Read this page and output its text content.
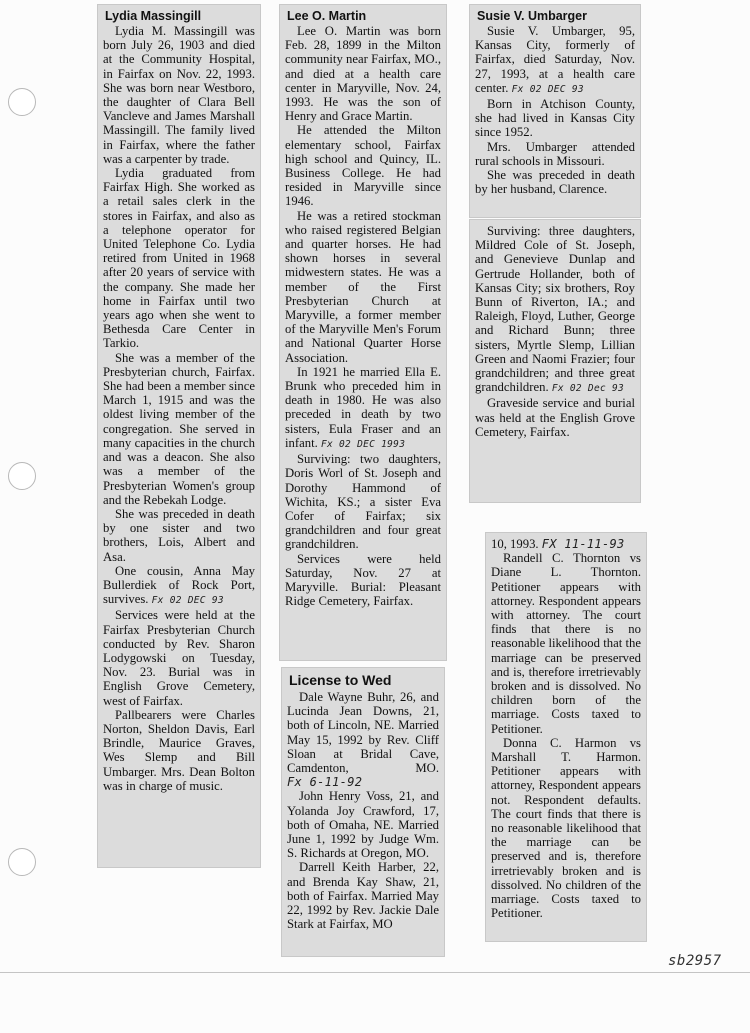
Lydia Massingill

Lydia M. Massingill was born July 26, 1903 and died at the Community Hospital, in Fairfax on Nov. 22, 1993. She was born near Westboro, the daughter of Clara Bell Vancleve and James Marshall Massingill. The family lived in Fairfax, where the father was a carpenter by trade.

Lydia graduated from Fairfax High. She worked as a retail sales clerk in the stores in Fairfax, and also as a telephone operator for United Telephone Co. Lydia retired from United in 1968 after 20 years of service with the company. She made her home in Fairfax until two years ago when she went to Bethesda Care Center in Tarkio.

She was a member of the Presbyterian church, Fairfax. She had been a member since March 1, 1915 and was the oldest living member of the congregation. She served in many capacities in the church and was a deacon. She also was a member of the Presbyterian Women's group and the Rebekah Lodge.

She was preceded in death by one sister and two brothers, Lois, Albert and Asa.

One cousin, Anna May Bullerdiek of Rock Port, survives. Fx 02 DEC 93

Services were held at the Fairfax Presbyterian Church conducted by Rev. Sharon Lodygowski on Tuesday, Nov. 23. Burial was in English Grove Cemetery, west of Fairfax.

Pallbearers were Charles Norton, Sheldon Davis, Earl Brindle, Maurice Graves, Wes Slemp and Bill Umbarger. Mrs. Dean Bolton was in charge of music.

Lee O. Martin

Lee O. Martin was born Feb. 28, 1899 in the Milton community near Fairfax, MO., and died at a health care center in Maryville, Nov. 24, 1993. He was the son of Henry and Grace Martin.

He attended the Milton elementary school, Fairfax high school and Quincy, IL. Business College. He had resided in Maryville since 1946.

He was a retired stockman who raised registered Belgian and quarter horses. He had shown horses in several midwestern states. He was a member of the First Presbyterian Church at Maryville, a former member of the Maryville Men's Forum and National Quarter Horse Association.

In 1921 he married Ella E. Brunk who preceded him in death in 1980. He was also preceded in death by two sisters, Eula Fraser and an infant. Fx 02 DEC 1993

Surviving: two daughters, Doris Worl of St. Joseph and Dorothy Hammond of Wichita, KS.; a sister Eva Cofer of Fairfax; six grandchildren and four great grandchildren.

Services were held Saturday, Nov. 27 at Maryville. Burial: Pleasant Ridge Cemetery, Fairfax.

License to Wed

Dale Wayne Buhr, 26, and Lucinda Jean Downs, 21, both of Lincoln, NE. Married May 15, 1992 by Rev. Cliff Sloan at Bridal Cave, Camdenton, MO. Fx 6-11-92

John Henry Voss, 21, and Yolanda Joy Crawford, 17, both of Omaha, NE. Married June 1, 1992 by Judge Wm. S. Richards at Oregon, MO.

Darrell Keith Harber, 22, and Brenda Kay Shaw, 21, both of Fairfax. Married May 22, 1992 by Rev. Jackie Dale Stark at Fairfax, MO

Susie V. Umbarger

Susie V. Umbarger, 95, Kansas City, formerly of Fairfax, died Saturday, Nov. 27, 1993, at a health care center. Fx 02 DEC 93

Born in Atchison County, she had lived in Kansas City since 1952.

Mrs. Umbarger attended rural schools in Missouri.

She was preceded in death by her husband, Clarence.

Surviving: three daughters, Mildred Cole of St. Joseph, and Genevieve Dunlap and Gertrude Hollander, both of Kansas City; six brothers, Roy Bunn of Riverton, IA.; and Raleigh, Floyd, Luther, George and Richard Bunn; three sisters, Myrtle Slemp, Lillian Green and Naomi Frazier; four grandchildren; and three great grandchildren. Fx 02 Dec 93

Graveside service and burial was held at the English Grove Cemetery, Fairfax.

10, 1993. FX 11-11-93

Randell C. Thornton vs Diane L. Thornton. Petitioner appears with attorney. Respondent appears with attorney. The court finds that there is no reasonable likelihood that the marriage can be preserved and is, therefore irretrievably broken and is dissolved. No children born of the marriage. Costs taxed to Petitioner.

Donna C. Harmon vs Marshall T. Harmon. Petitioner appears with attorney, Respondent appears not. Respondent defaults. The court finds that there is no reasonable likelihood that the marriage can be preserved and is, therefore irretrievably broken and is dissolved. No children of the marriage. Costs taxed to Petitioner.

sb2957
